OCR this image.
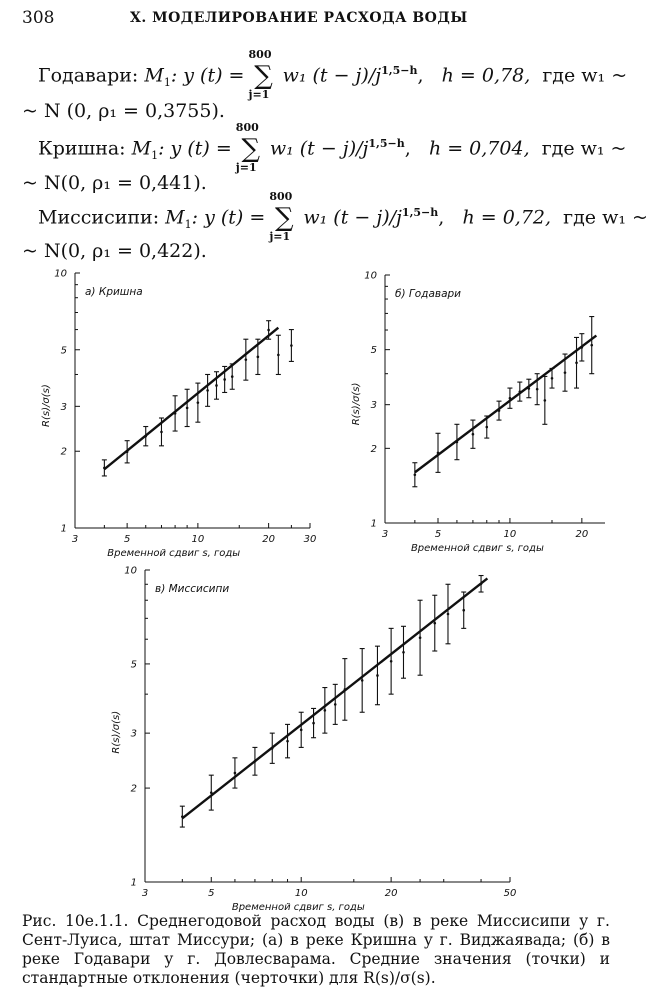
308	X. МОДЕЛИРОВАНИЕ РАСХОДА ВОДЫ
Годавари: $M_1$: y (t) =
800
∑
j=1
w₁ $(t - j)/j^{1,5-h}$,   h = 0,78, где w₁ ~
~ N (0, ρ₁ = 0,3755).
Кришна: $M_1$: y (t) =
800
∑
j=1
w₁ $(t - j)/j^{1,5-h}$,   h = 0,704, где w₁ ~
~ N(0, ρ₁ = 0,441).
Миссисипи: $M_1$: y (t) =
800
∑
j=1
w₁ $(t - j)/j^{1,5-h}$,   h = 0,72, где w₁ ~
~ N(0, ρ₁ = 0,422).
1
2
3
5
10
3	5	10	20	30
Временной сдвиг s, годы
R(s)/σ(s)
а) Кришна
1
2
3
5
10
3	5	10	20
Временной сдвиг s, годы
R(s)/σ(s)
б) Годавари
1
2
3
5
10
3	5	10	20	50
Временной сдвиг s, годы
R(s)/σ(s)
в) Миссисипи
Рис. 10е.1.1. Среднегодовой расход воды (в) в реке Миссисипи у г. Сент-Луиса, штат Миссури; (а) в реке Кришна у г. Виджаявада; (б) в реке Годавари у г. Довлесварама. Средние значения (точки) и стандартные отклонения (черточки) для R(s)/σ(s).
